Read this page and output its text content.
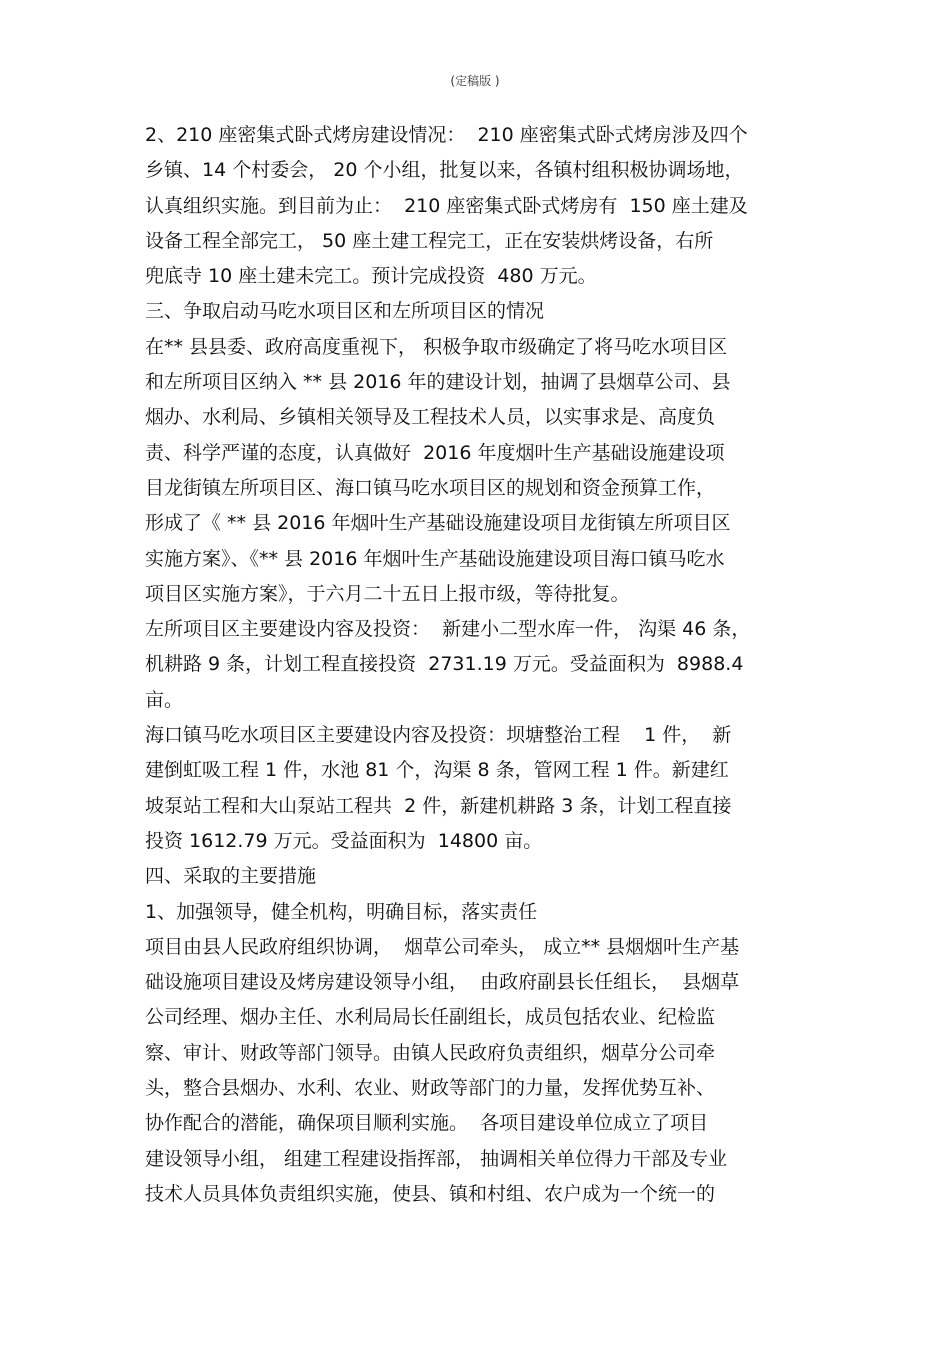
(定稿版 )
2、210 座密集式卧式烤房建设情况：  210 座密集式卧式烤房涉及四个
乡镇、14 个村委会， 20 个小组，批复以来，各镇村组积极协调场地，
认真组织实施。到目前为止：  210 座密集式卧式烤房有  150 座土建及
设备工程全部完工， 50 座土建工程完工，正在安装烘烤设备，右所
兜底寺 10 座土建未完工。预计完成投资  480 万元。
三、争取启动马吃水项目区和左所项目区的情况
在** 县县委、政府高度重视下， 积极争取市级确定了将马吃水项目区
和左所项目区纳入 ** 县 2016 年的建设计划，抽调了县烟草公司、县
烟办、水利局、乡镇相关领导及工程技术人员，以实事求是、高度负
责、科学严谨的态度，认真做好  2016 年度烟叶生产基础设施建设项
目龙街镇左所项目区、海口镇马吃水项目区的规划和资金预算工作，
形成了《 ** 县 2016 年烟叶生产基础设施建设项目龙街镇左所项目区
实施方案》、《** 县 2016 年烟叶生产基础设施建设项目海口镇马吃水
项目区实施方案》，于六月二十五日上报市级，等待批复。
左所项目区主要建设内容及投资：  新建小二型水库一件， 沟渠 46 条，
机耕路 9 条，计划工程直接投资  2731.19 万元。受益面积为  8988.4
亩。
海口镇马吃水项目区主要建设内容及投资：坝塘整治工程    1 件，  新
建倒虹吸工程 1 件，水池 81 个，沟渠 8 条，管网工程 1 件。新建红
坡泵站工程和大山泵站工程共  2 件，新建机耕路 3 条，计划工程直接
投资 1612.79 万元。受益面积为  14800 亩。
四、采取的主要措施
1、加强领导，健全机构，明确目标，落实责任
项目由县人民政府组织协调，  烟草公司牵头， 成立** 县烟烟叶生产基
础设施项目建设及烤房建设领导小组，  由政府副县长任组长，  县烟草
公司经理、烟办主任、水利局局长任副组长，成员包括农业、纪检监
察、审计、财政等部门领导。由镇人民政府负责组织，烟草分公司牵
头，整合县烟办、水利、农业、财政等部门的力量，发挥优势互补、
协作配合的潜能，确保项目顺利实施。  各项目建设单位成立了项目
建设领导小组， 组建工程建设指挥部， 抽调相关单位得力干部及专业
技术人员具体负责组织实施，使县、镇和村组、农户成为一个统一的
